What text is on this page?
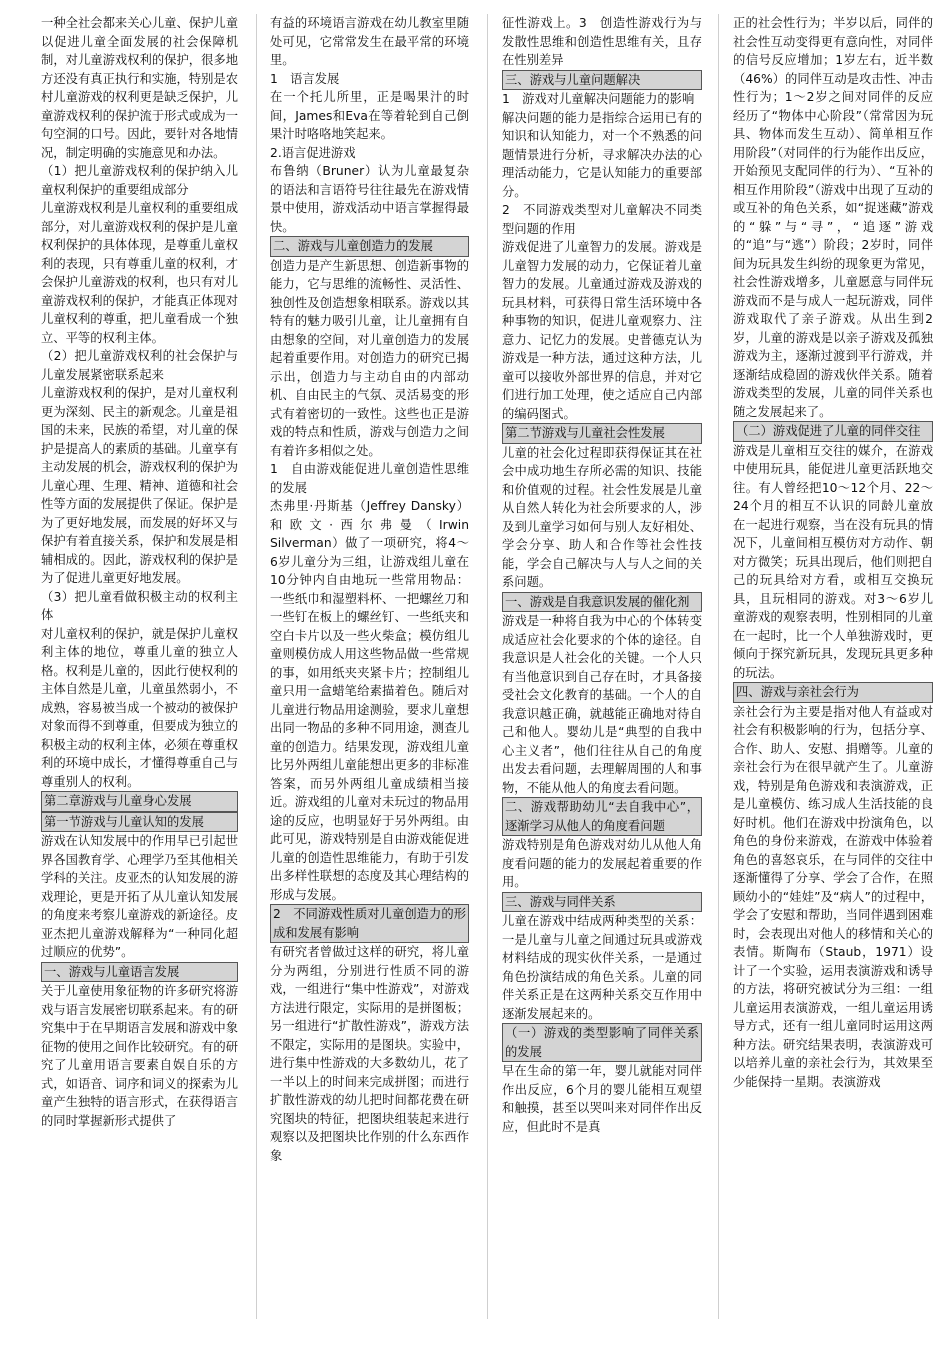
一种全社会都来关心儿童、保护儿童以促进儿童全面发展的社会保障机制，对儿童游戏权利的保护，很多地方还没有真正执行和实施，特别是农村儿童游戏的权利更是缺乏保护，儿童游戏权利的保护流于形式或成为一句空洞的口号。因此，要针对各地情况，制定明确的实施意见和办法。

（1）把儿童游戏权利的保护纳入儿童权利保护的重要组成部分

儿童游戏权利是儿童权利的重要组成部分，对儿童游戏权利的保护是儿童权利保护的具体体现，是尊重儿童权利的表现，只有尊重儿童的权利，才会保护儿童游戏的权利，也只有对儿童游戏权利的保护，才能真正体现对儿童权利的尊重，把儿童看成一个独立、平等的权利主体。

（2）把儿童游戏权利的社会保护与儿童发展紧密联系起来

儿童游戏权利的保护，是对儿童权利更为深刻、民主的新观念。儿童是祖国的未来，民族的希望，对儿童的保护是提高人的素质的基础。儿童享有主动发展的机会，游戏权利的保护为儿童心理、生理、精神、道德和社会性等方面的发展提供了保证。保护是为了更好地发展，而发展的好坏又与保护有着直接关系，保护和发展是相辅相成的。因此，游戏权利的保护是为了促进儿童更好地发展。

（3）把儿童看做积极主动的权利主体

对儿童权利的保护，就是保护儿童权利主体的地位，尊重儿童的独立人格。权利是儿童的，因此行使权利的主体自然是儿童，儿童虽然弱小，不成熟，容易被当成一个被动的被保护对象而得不到尊重，但要成为独立的积极主动的权利主体，必须在尊重权利的环境中成长，才懂得尊重自己与尊重别人的权利。

第二章游戏与儿童身心发展

第一节游戏与儿童认知的发展

游戏在认知发展中的作用早已引起世界各国教育学、心理学乃至其他相关学科的关注。皮亚杰的认知发展的游戏理论，更是开拓了从儿童认知发展的角度来考察儿童游戏的新途径。皮亚杰把儿童游戏解释为“一种同化超过顺应的优势”。

一、游戏与儿童语言发展

关于儿童使用象征物的许多研究将游戏与语言发展密切联系起来。有的研究集中于在早期语言发展和游戏中象征物的使用之间作比较研究。有的研究了儿童用语言要素自娱自乐的方式，如语音、词序和词义的探索为儿童产生独特的语言形式，在获得语言的同时掌握新形式提供了

有益的环境语言游戏在幼儿教室里随处可见，它常常发生在最平常的环境里。

1　语言发展

在一个托儿所里，正是喝果汁的时间，James和Eva在等着轮到自己倒果汁时咯咯地笑起来。

2.语言促进游戏

布鲁纳（Bruner）认为儿童最复杂的语法和言语符号往往最先在游戏情景中使用，游戏活动中语言掌握得最快。

二、游戏与儿童创造力的发展

创造力是产生新思想、创造新事物的能力，它与思维的流畅性、灵活性、独创性及创造想象相联系。游戏以其特有的魅力吸引儿童，让儿童拥有自由想象的空间，对儿童创造力的发展起着重要作用。对创造力的研究已揭示出，创造力与主动自由的内部动机、自由民主的气氛、灵活易变的形式有着密切的一致性。这些也正是游戏的特点和性质，游戏与创造力之间有着许多相似之处。

1　自由游戏能促进儿童创造性思维的发展

杰弗里·丹斯基（Jeffrey Dansky）和欧文·西尔弗曼（Irwin Silverman）做了一项研究，将4～6岁儿童分为三组，让游戏组儿童在10分钟内自由地玩一些常用物品：一些纸巾和湿塑料杯、一把螺丝刀和一些钉在板上的螺丝钉、一些纸夹和空白卡片以及一些火柴盒；模仿组儿童则模仿成人用这些物品做一些常规的事，如用纸夹夹紧卡片；控制组儿童只用一盒蜡笔给素描着色。随后对儿童进行物品用途测验，要求儿童想出同一物品的多种不同用途，测查儿童的创造力。结果发现，游戏组儿童比另外两组儿童能想出更多的非标准答案，而另外两组儿童成绩相当接近。游戏组的儿童对未玩过的物品用途的反应，也明显好于另外两组。由此可见，游戏特别是自由游戏能促进儿童的创造性思维能力，有助于引发出多样性联想的态度及其心理结构的形成与发展。

2　不同游戏性质对儿童创造力的形成和发展有影响

有研究者曾做过这样的研究，将儿童分为两组，分别进行性质不同的游戏，一组进行“集中性游戏”，对游戏方法进行限定，实际用的是拼图板；另一组进行“扩散性游戏”，游戏方法不限定，实际用的是图块。实验中，进行集中性游戏的大多数幼儿，花了一半以上的时间来完成拼图；而进行扩散性游戏的幼儿把时间都花费在研究图块的特征，把图块组装起来进行观察以及把图块比作别的什么东西作象

征性游戏上。3　创造性游戏行为与发散性思维和创造性思维有关，且存在性别差异

三、游戏与儿童问题解决

1　游戏对儿童解决问题能力的影响

解决问题的能力是指综合运用已有的知识和认知能力，对一个不熟悉的问题情景进行分析，寻求解决办法的心理活动能力，它是认知能力的重要部分。

2　不同游戏类型对儿童解决不同类型问题的作用

游戏促进了儿童智力的发展。游戏是儿童智力发展的动力，它保证着儿童智力的发展。儿童通过游戏及游戏的玩具材料，可获得日常生活环境中各种事物的知识，促进儿童观察力、注意力、记忆力的发展。史普德克认为游戏是一种方法，通过这种方法，儿童可以接收外部世界的信息，并对它们进行加工处理，使之适应自己内部的编码图式。

第二节游戏与儿童社会性发展

儿童的社会化过程即获得保证其在社会中成功地生存所必需的知识、技能和价值观的过程。社会性发展是儿童从自然人转化为社会所要求的人，涉及到儿童学习如何与别人友好相处、学会分享、助人和合作等社会性技能，学会自己解决与人与人之间的关系问题。

一、游戏是自我意识发展的催化剂

游戏是一种将自我为中心的个体转变成适应社会化要求的个体的途径。自我意识是人社会化的关键。一个人只有当他意识到自己存在时，才具备接受社会文化教育的基础。一个人的自我意识越正确，就越能正确地对待自己和他人。婴幼儿是“典型的自我中心主义者”，他们往往从自己的角度出发去看问题，去理解周围的人和事物，不能从他人的角度去看问题。

二、游戏帮助幼儿“去自我中心”，逐渐学习从他人的角度看问题

游戏特别是角色游戏对幼儿从他人角度看问题的能力的发展起着重要的作用。

三、游戏与同伴关系

儿童在游戏中结成两种类型的关系：一是儿童与儿童之间通过玩具或游戏材料结成的现实伙伴关系，一是通过角色扮演结成的角色关系。儿童的同伴关系正是在这两种关系交互作用中逐渐发展起来的。

（一）游戏的类型影响了同伴关系的发展

早在生命的第一年，婴儿就能对同伴作出反应，6个月的婴儿能相互观望和触摸，甚至以哭叫来对同伴作出反应，但此时不是真

正的社会性行为；半岁以后，同伴的社会性互动变得更有意向性，对同伴的信号反应增加；1岁左右，近半数（46%）的同伴互动是攻击性、冲击性行为；1～2岁之间对同伴的反应经历了“物体中心阶段”（常常因为玩具、物体而发生互动）、简单相互作用阶段”（对同伴的行为能作出反应，开始预见支配同伴的行为）、“互补的相互作用阶段”（游戏中出现了互动的或互补的角色关系，如“捉迷藏”游戏的“躲”与“寻”，“追逐”游戏的“追”与“逃”）阶段；2岁时，同伴间为玩具发生纠纷的现象更为常见，社会性游戏增多，儿童愿意与同伴玩游戏而不是与成人一起玩游戏，同伴游戏取代了亲子游戏。从出生到2岁，儿童的游戏是以亲子游戏及孤独游戏为主，逐渐过渡到平行游戏，并逐渐结成稳固的游戏伙伴关系。随着游戏类型的发展，儿童的同伴关系也随之发展起来了。

（二）游戏促进了儿童的同伴交往

游戏是儿童相互交往的媒介，在游戏中使用玩具，能促进儿童更活跃地交往。有人曾经把10～12个月、22～24个月的相互不认识的同龄儿童放在一起进行观察，当在没有玩具的情况下，儿童间相互模仿对方动作、朝对方微笑；玩具出现后，他们则把自己的玩具给对方看，或相互交换玩具，且玩相同的游戏。对3～6岁儿童游戏的观察表明，性别相同的儿童在一起时，比一个人单独游戏时，更倾向于探究新玩具，发现玩具更多种的玩法。

四、游戏与亲社会行为

亲社会行为主要是指对他人有益或对社会有积极影响的行为，包括分享、合作、助人、安慰、捐赠等。儿童的亲社会行为在很早就产生了。儿童游戏，特别是角色游戏和表演游戏，正是儿童模仿、练习成人生活技能的良好时机。他们在游戏中扮演角色，以角色的身份来游戏，在游戏中体验着角色的喜怒哀乐，在与同伴的交往中逐渐懂得了分享、学会了合作，在照顾幼小的“娃娃”及“病人”的过程中，学会了安慰和帮助，当同伴遇到困难时，会表现出对他人的移情和关心的表情。斯陶布（Staub，1971）设计了一个实验，运用表演游戏和诱导的方法，将研究被试分为三组：一组儿童运用表演游戏，一组儿童运用诱导方式，还有一组儿童同时运用这两种方法。研究结果表明，表演游戏可以培养儿童的亲社会行为，其效果至少能保持一星期。表演游戏
